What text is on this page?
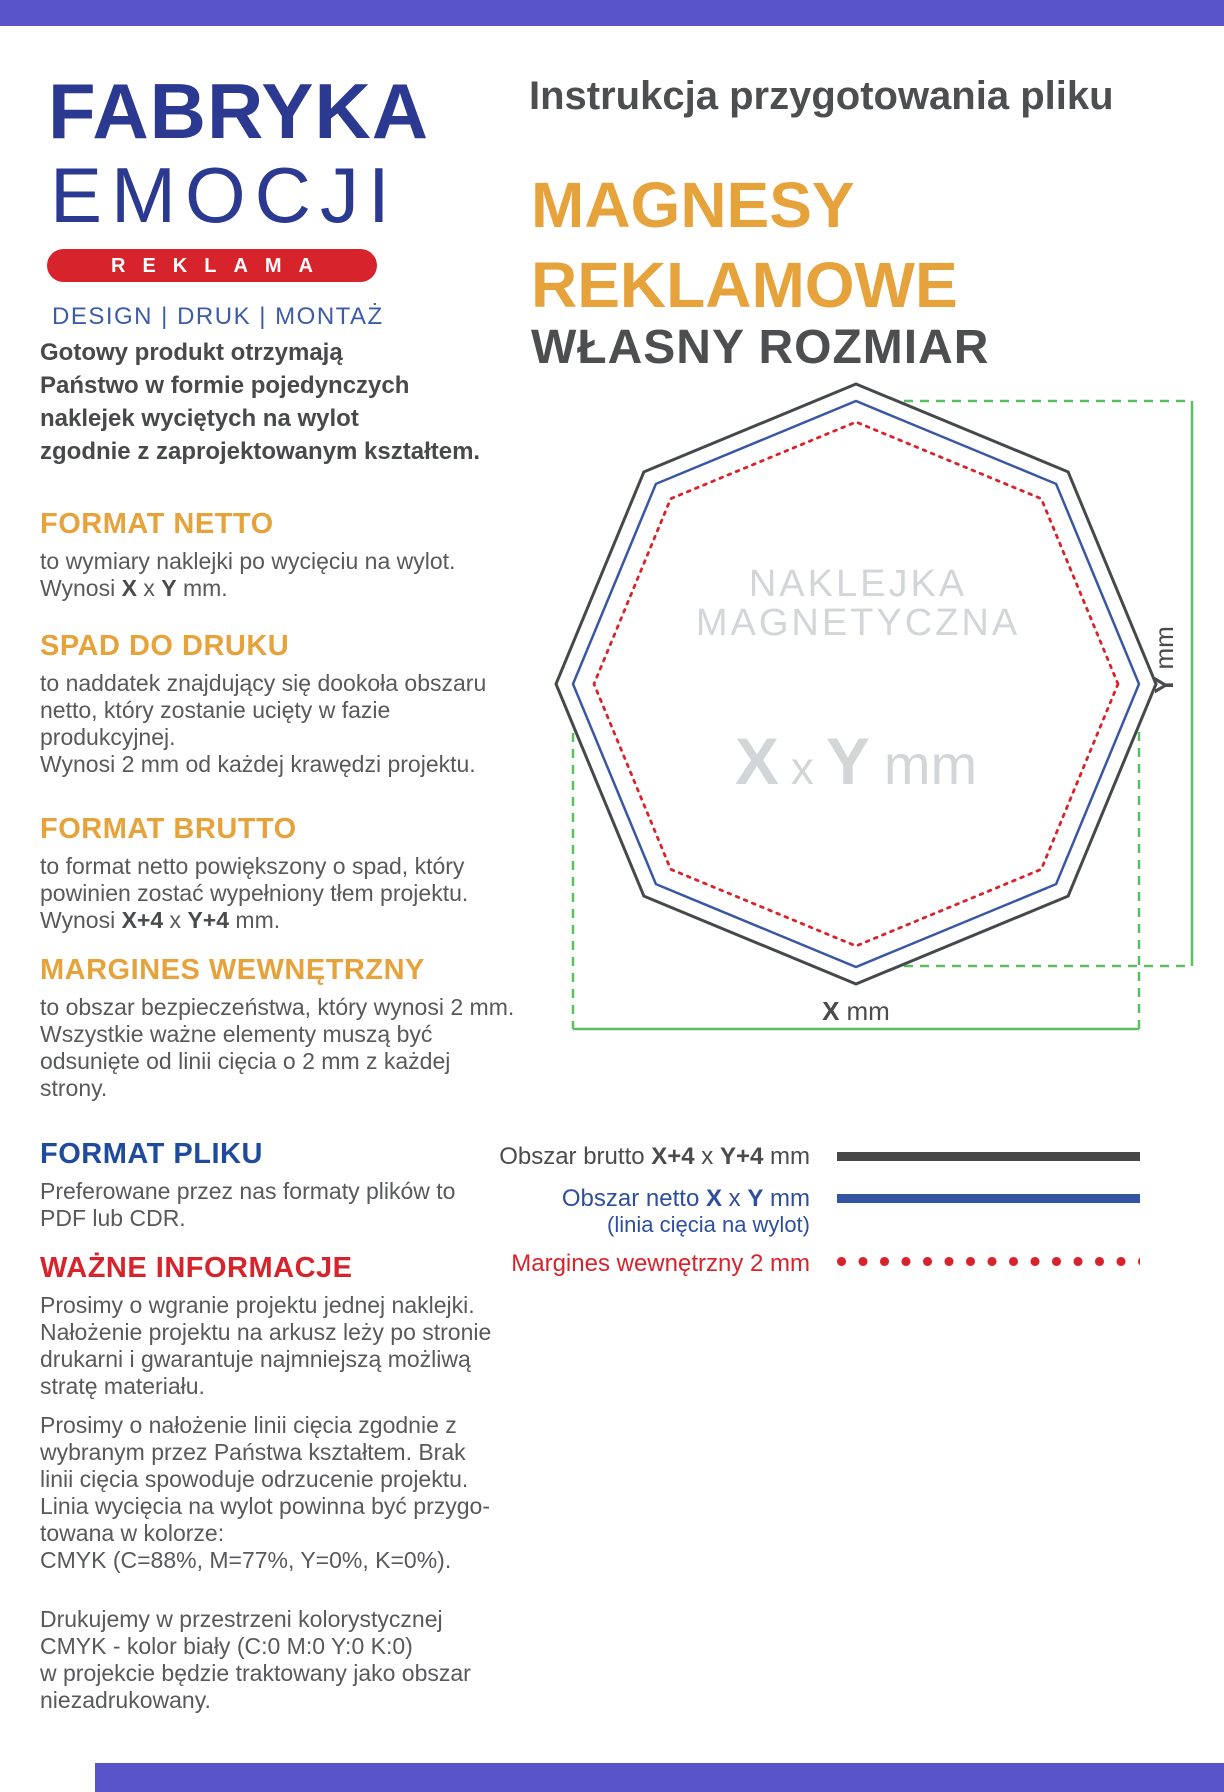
FABRYKA
EMOCJI
REKLAMA
DESIGN | DRUK | MONTAŻ
Instrukcja przygotowania pliku
MAGNESY
REKLAMOWE
WŁASNY ROZMIAR
Gotowy produkt otrzymają
Państwo w formie pojedynczych
naklejek wyciętych na wylot
zgodnie z zaprojektowanym kształtem.
FORMAT NETTO
to wymiary naklejki po wycięciu na wylot.
Wynosi X x Y mm.
SPAD DO DRUKU
to naddatek znajdujący się dookoła obszaru
netto, który zostanie ucięty w fazie
produkcyjnej.
Wynosi 2 mm od każdej krawędzi projektu.
FORMAT BRUTTO
to format netto powiększony o spad, który
powinien zostać wypełniony tłem projektu.
Wynosi X+4 x Y+4 mm.
MARGINES WEWNĘTRZNY
to obszar bezpieczeństwa, który wynosi 2 mm.
Wszystkie ważne elementy muszą być
odsunięte od linii cięcia o 2 mm z każdej
strony.
FORMAT PLIKU
Preferowane przez nas formaty plików to
PDF lub CDR.
WAŻNE INFORMACJE
Prosimy o wgranie projektu jednej naklejki.
Nałożenie projektu na arkusz leży po stronie
drukarni i gwarantuje najmniejszą możliwą
stratę materiału.
Prosimy o nałożenie linii cięcia zgodnie z
wybranym przez Państwa kształtem. Brak
linii cięcia spowoduje odrzucenie projektu.
Linia wycięcia na wylot powinna być przygo-
towana w kolorze:
CMYK (C=88%, M=77%, Y=0%, K=0%).
Drukujemy w przestrzeni kolorystycznej
CMYK - kolor biały (C:0 M:0 Y:0 K:0)
w projekcie będzie traktowany jako obszar
niezadrukowany.
NAKLEJKA
MAGNETYCZNA
X x Y mm
Ymm
X mm
Obszar brutto X+4 x Y+4 mm
Obszar netto X x Y mm
(linia cięcia na wylot)
Margines wewnętrzny 2 mm
